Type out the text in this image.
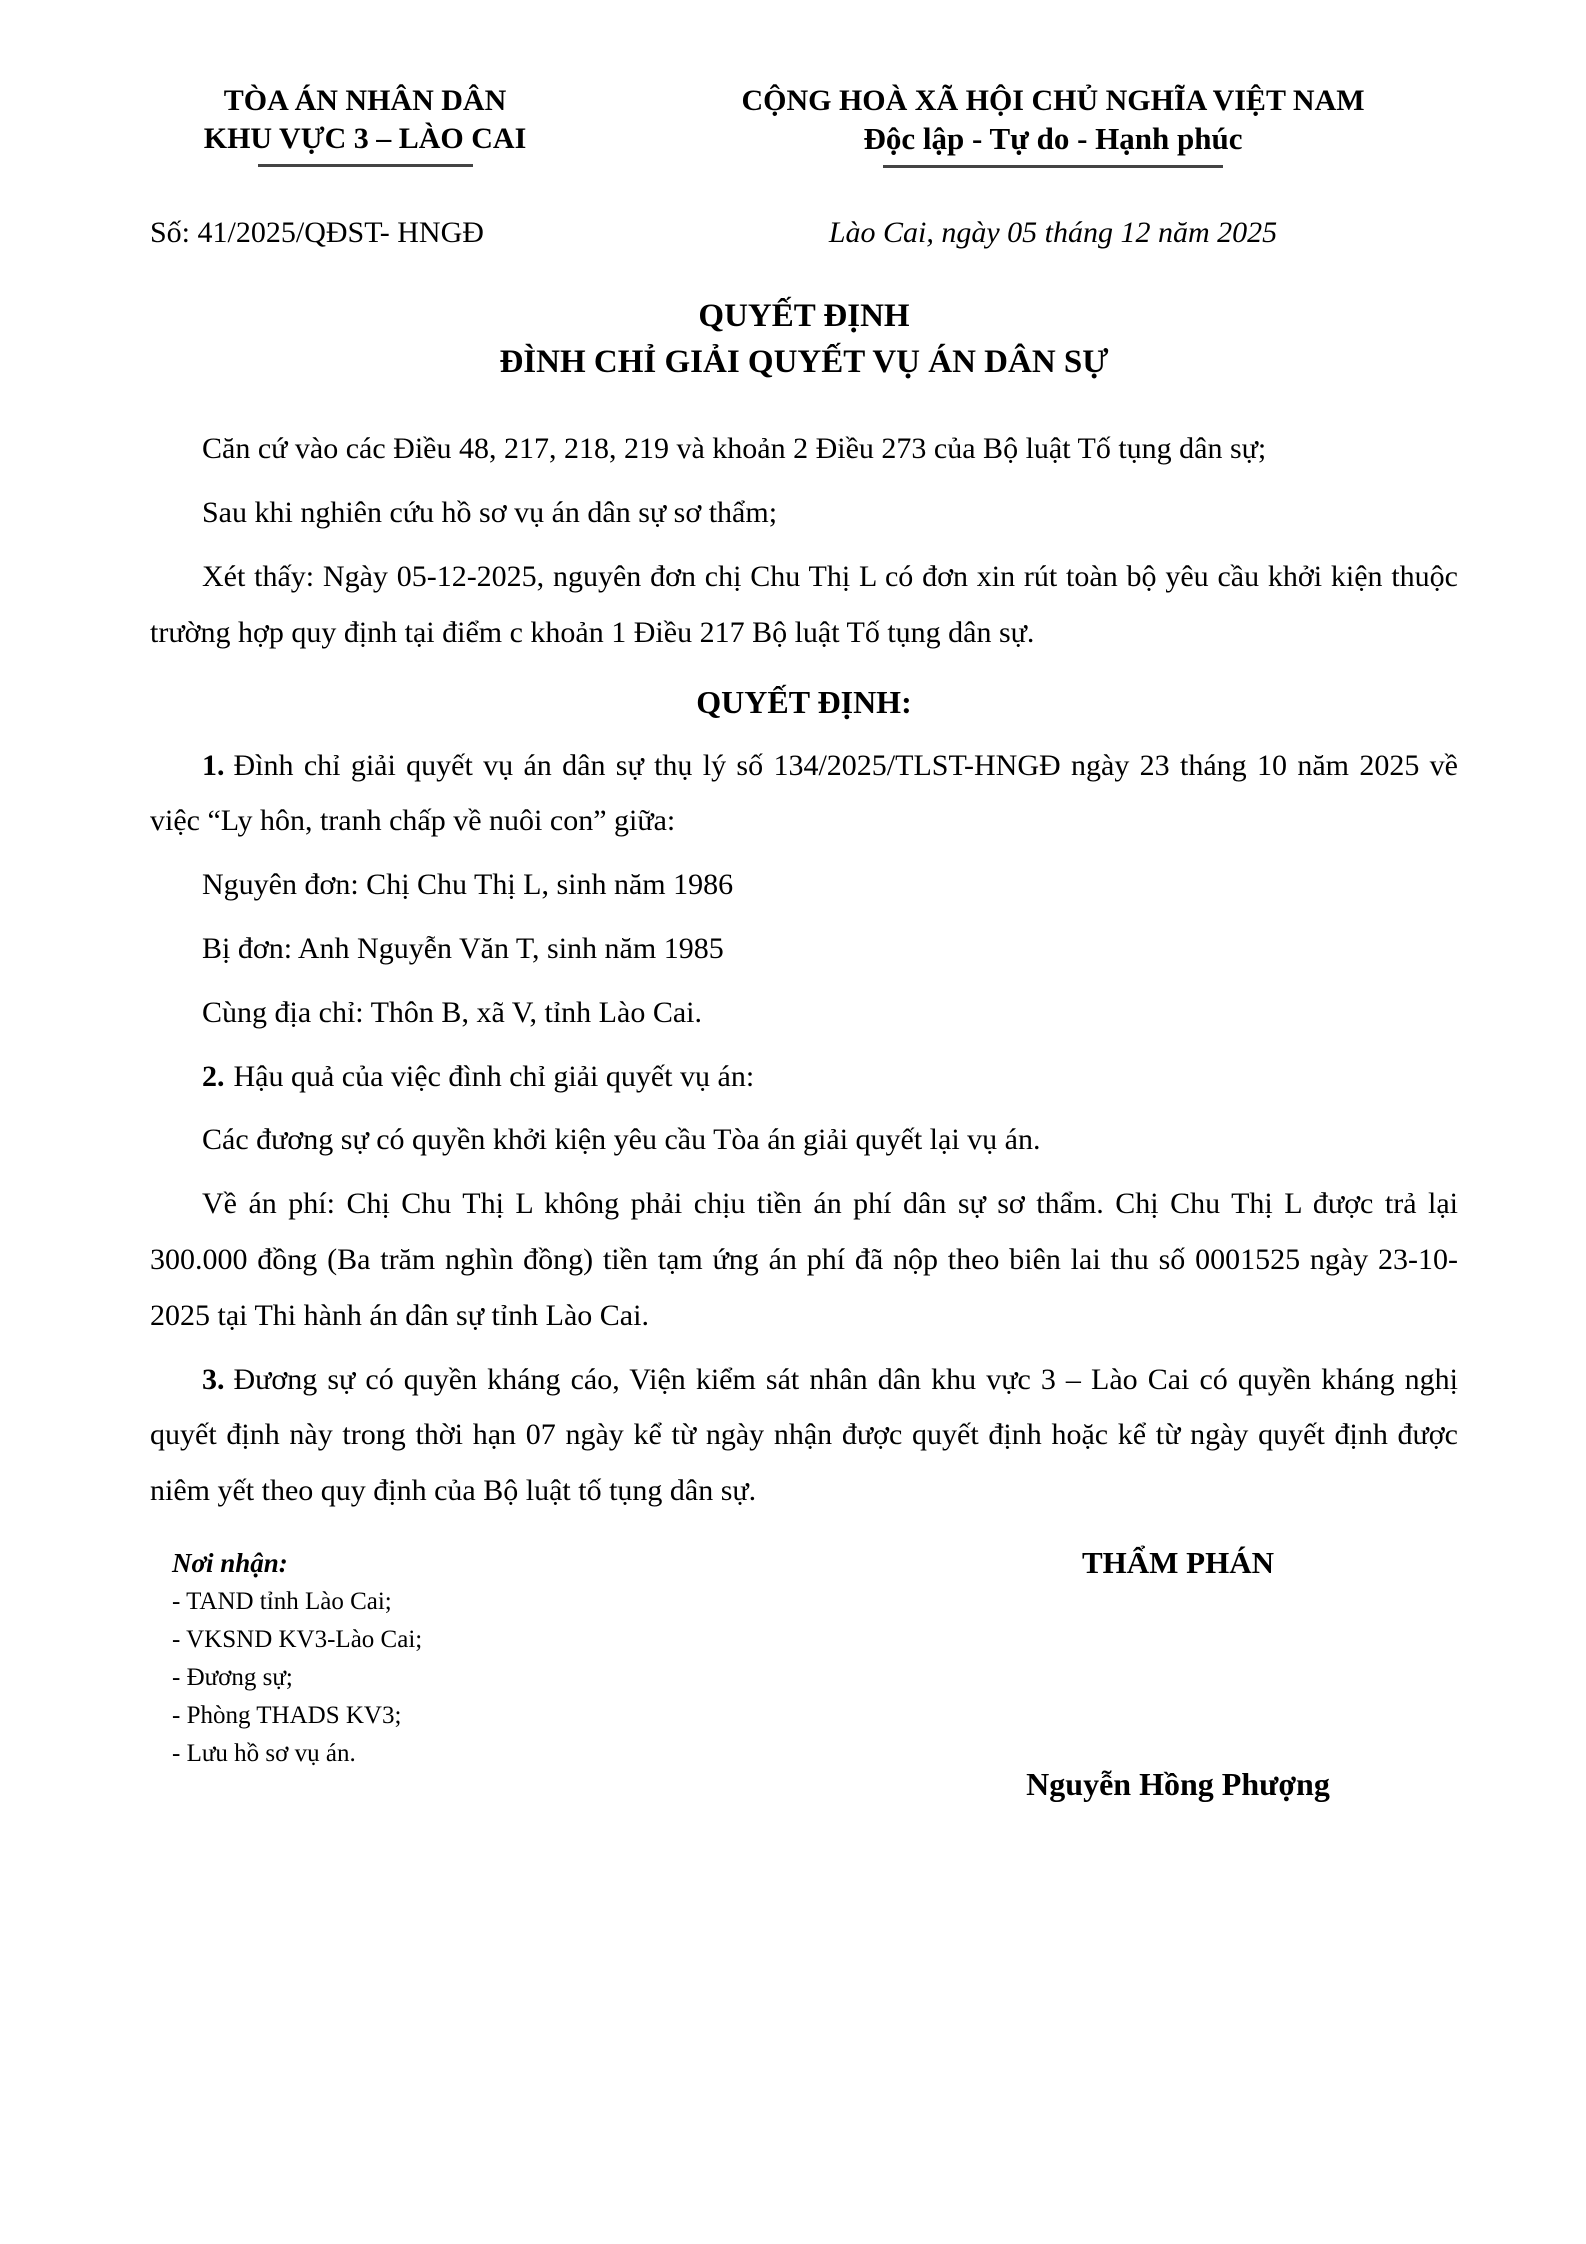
TÒA ÁN NHÂN DÂN
KHU VỰC 3 – LÀO CAI
CỘNG HOÀ XÃ HỘI CHỦ NGHĨA VIỆT NAM
Độc lập - Tự do - Hạnh phúc
Số: 41/2025/QĐST- HNGĐ	Lào Cai, ngày 05 tháng 12 năm 2025
QUYẾT ĐỊNH
ĐÌNH CHỈ GIẢI QUYẾT VỤ ÁN DÂN SỰ

Căn cứ vào các Điều 48, 217, 218, 219 và khoản 2 Điều 273 của Bộ luật Tố tụng dân sự;

Sau khi nghiên cứu hồ sơ vụ án dân sự sơ thẩm;

Xét thấy: Ngày 05-12-2025, nguyên đơn chị Chu Thị L có đơn xin rút toàn bộ yêu cầu khởi kiện thuộc trường hợp quy định tại điểm c khoản 1 Điều 217 Bộ luật Tố tụng dân sự.

QUYẾT ĐỊNH:

1. Đình chỉ giải quyết vụ án dân sự thụ lý số 134/2025/TLST-HNGĐ ngày 23 tháng 10 năm 2025 về việc “Ly hôn, tranh chấp về nuôi con” giữa:

Nguyên đơn: Chị Chu Thị L, sinh năm 1986

Bị đơn: Anh Nguyễn Văn T, sinh năm 1985

Cùng địa chỉ: Thôn B, xã V, tỉnh Lào Cai.

2. Hậu quả của việc đình chỉ giải quyết vụ án:

Các đương sự có quyền khởi kiện yêu cầu Tòa án giải quyết lại vụ án.

Về án phí: Chị Chu Thị L không phải chịu tiền án phí dân sự sơ thẩm. Chị Chu Thị L được trả lại 300.000 đồng (Ba trăm nghìn đồng) tiền tạm ứng án phí đã nộp theo biên lai thu số 0001525 ngày 23-10-2025 tại Thi hành án dân sự tỉnh Lào Cai.

3. Đương sự có quyền kháng cáo, Viện kiểm sát nhân dân khu vực 3 – Lào Cai có quyền kháng nghị quyết định này trong thời hạn 07 ngày kể từ ngày nhận được quyết định hoặc kể từ ngày quyết định được niêm yết theo quy định của Bộ luật tố tụng dân sự.

Nơi nhận:
- TAND tỉnh Lào Cai;
- VKSND KV3-Lào Cai;
- Đương sự;
- Phòng THADS KV3;
- Lưu hồ sơ vụ án.
THẨM PHÁN
Nguyễn Hồng Phượng
